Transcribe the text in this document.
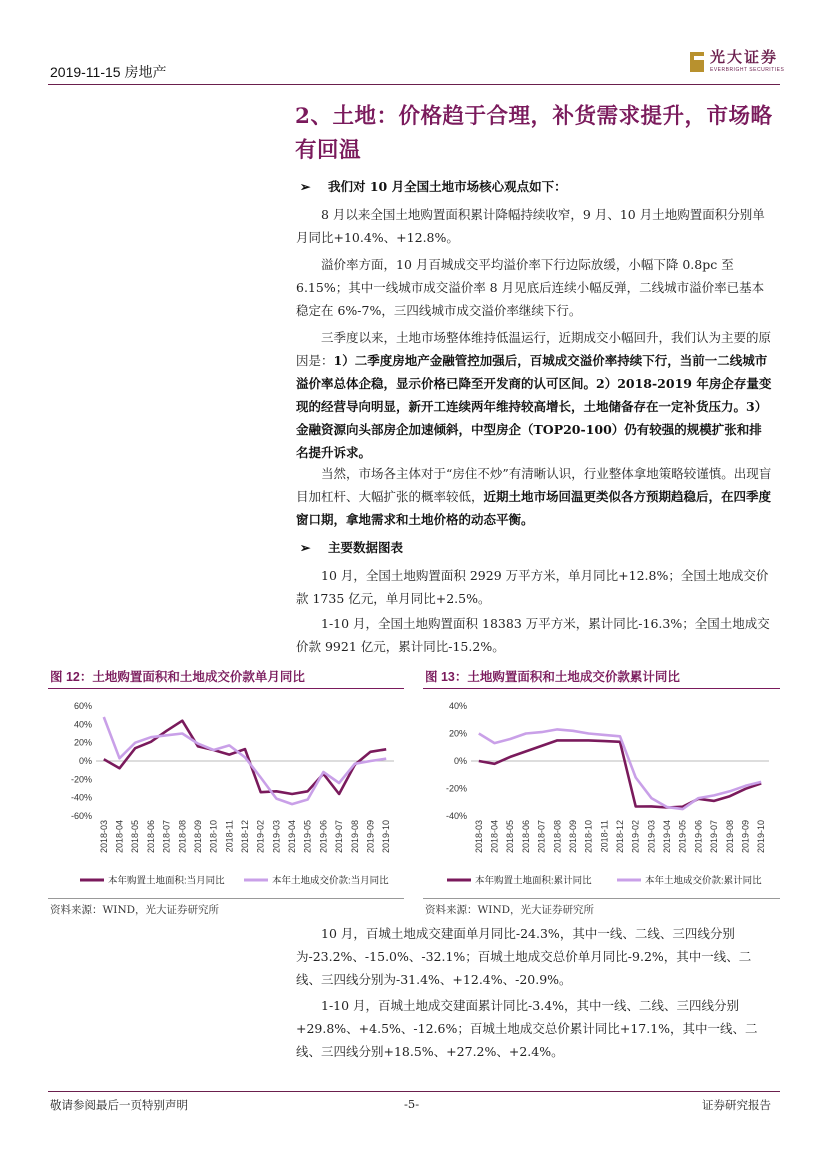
2019-11-15 房地产
光大证券
EVERBRIGHT SECURITIES
2、土地：价格趋于合理，补货需求提升，市场略有回温
➢ 我们对 10 月全国土地市场核心观点如下：

8 月以来全国土地购置面积累计降幅持续收窄，9 月、10 月土地购置面积分别单月同比+10.4%、+12.8%。

溢价率方面，10 月百城成交平均溢价率下行边际放缓，小幅下降 0.8pc 至 6.15%；其中一线城市成交溢价率 8 月见底后连续小幅反弹，二线城市溢价率已基本稳定在 6%-7%，三四线城市成交溢价率继续下行。

三季度以来，土地市场整体维持低温运行，近期成交小幅回升，我们认为主要的原因是：1）二季度房地产金融管控加强后，百城成交溢价率持续下行，当前一二线城市溢价率总体企稳，显示价格已降至开发商的认可区间。2）2018-2019 年房企存量变现的经营导向明显，新开工连续两年维持较高增长，土地储备存在一定补货压力。3）金融资源向头部房企加速倾斜，中型房企（TOP20-100）仍有较强的规模扩张和排名提升诉求。

当然，市场各主体对于“房住不炒”有清晰认识，行业整体拿地策略较谨慎。出现盲目加杠杆、大幅扩张的概率较低，近期土地市场回温更类似各方预期趋稳后，在四季度窗口期，拿地需求和土地价格的动态平衡。

➢ 主要数据图表

10 月，全国土地购置面积 2929 万平方米，单月同比+12.8%；全国土地成交价款 1735 亿元，单月同比+2.5%。

1-10 月，全国土地购置面积 18383 万平方米，累计同比-16.3%；全国土地成交价款 9921 亿元，累计同比-15.2%。

图 12：土地购置面积和土地成交价款单月同比
-60%
-40%
-20%
0%
20%
40%
60%
2018-03 2018-04 2018-05 2018-06 2018-07 2018-08 2018-09 2018-10 2018-11 2018-12 2019-02 2019-03 2019-04 2019-05 2019-06 2019-07 2019-08 2019-09 2019-10
本年购置土地面积:当月同比	本年土地成交价款:当月同比
资料来源：WIND，光大证券研究所
图 13：土地购置面积和土地成交价款累计同比
-40%
-20%
0%
20%
40%
2018-03 2018-04 2018-05 2018-06 2018-07 2018-08 2018-09 2018-10 2018-11 2018-12 2019-02 2019-03 2019-04 2019-05 2019-06 2019-07 2019-08 2019-09 2019-10
本年购置土地面积:累计同比	本年土地成交价款:累计同比
资料来源：WIND，光大证券研究所

10 月，百城土地成交建面单月同比-24.3%，其中一线、二线、三四线分别为-23.2%、-15.0%、-32.1%；百城土地成交总价单月同比-9.2%，其中一线、二线、三四线分别为-31.4%、+12.4%、-20.9%。

1-10 月，百城土地成交建面累计同比-3.4%，其中一线、二线、三四线分别+29.8%、+4.5%、-12.6%；百城土地成交总价累计同比+17.1%，其中一线、二线、三四线分别+18.5%、+27.2%、+2.4%。

敬请参阅最后一页特别声明	-5-	证券研究报告
